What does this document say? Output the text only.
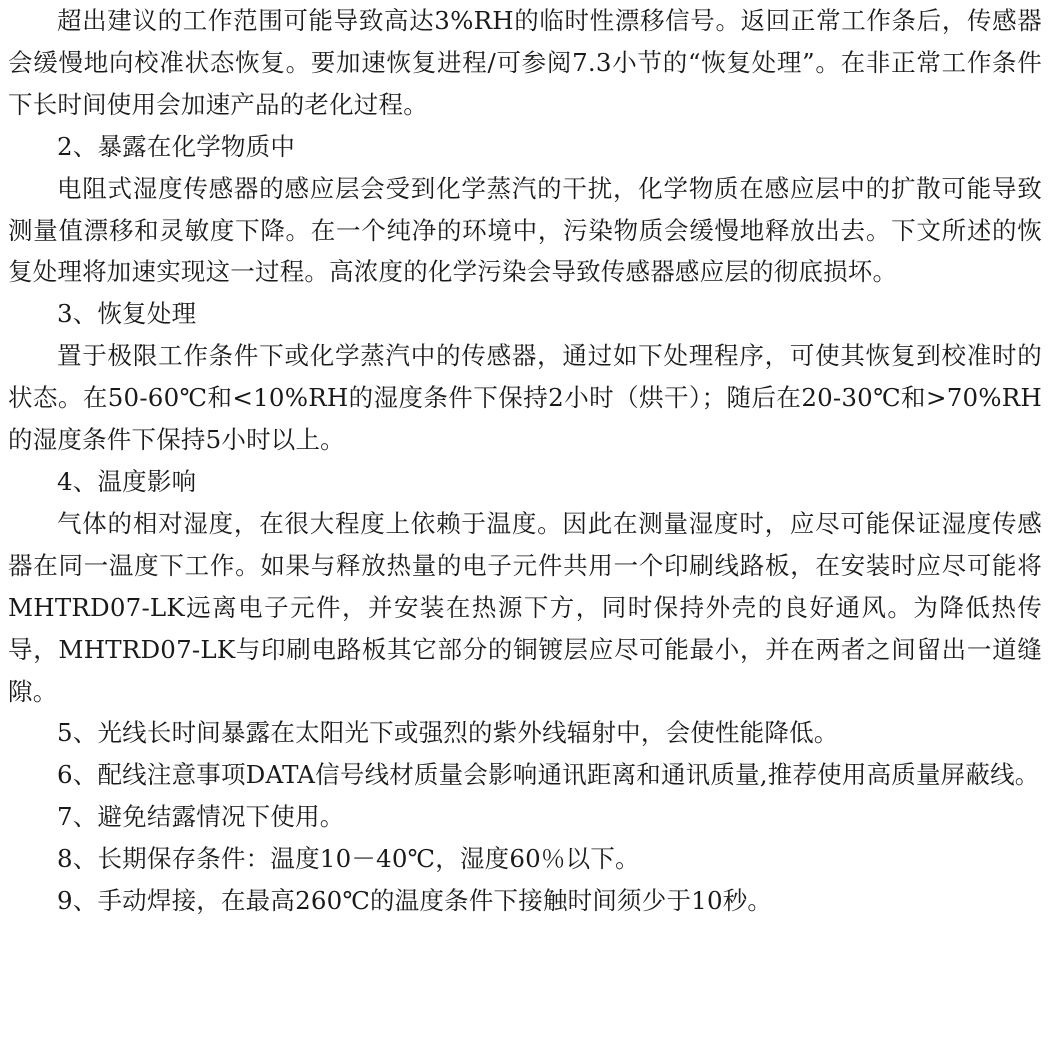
超出建议的工作范围可能导致高达3%RH的临时性漂移信号。返回正常工作条后，传感器会缓慢地向校准状态恢复。要加速恢复进程/可参阅7.3小节的“恢复处理”。在非正常工作条件下长时间使用会加速产品的老化过程。

2、暴露在化学物质中

电阻式湿度传感器的感应层会受到化学蒸汽的干扰，化学物质在感应层中的扩散可能导致测量值漂移和灵敏度下降。在一个纯净的环境中，污染物质会缓慢地释放出去。下文所述的恢复处理将加速实现这一过程。高浓度的化学污染会导致传感器感应层的彻底损坏。

3、恢复处理

置于极限工作条件下或化学蒸汽中的传感器，通过如下处理程序，可使其恢复到校准时的状态。在50-60℃和<10%RH的湿度条件下保持2小时（烘干）；随后在20-30℃和>70%RH的湿度条件下保持5小时以上。

4、温度影响

气体的相对湿度，在很大程度上依赖于温度。因此在测量湿度时，应尽可能保证湿度传感器在同一温度下工作。如果与释放热量的电子元件共用一个印刷线路板，在安装时应尽可能将MHTRD07-LK远离电子元件，并安装在热源下方，同时保持外壳的良好通风。为降低热传导，MHTRD07-LK与印刷电路板其它部分的铜镀层应尽可能最小，并在两者之间留出一道缝隙。

5、光线长时间暴露在太阳光下或强烈的紫外线辐射中，会使性能降低。

6、配线注意事项DATA信号线材质量会影响通讯距离和通讯质量,推荐使用高质量屏蔽线。

7、避免结露情况下使用。

8、长期保存条件：温度10－40℃，湿度60％以下。

9、手动焊接，在最高260℃的温度条件下接触时间须少于10秒。
